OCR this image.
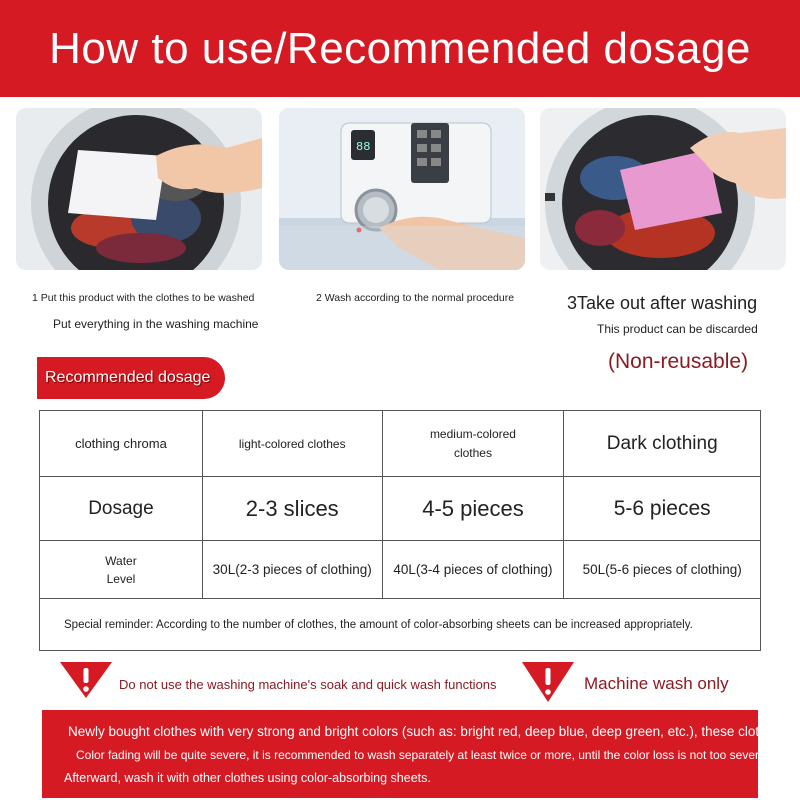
How to use/Recommended dosage
88
1 Put this product with the clothes to be washed
Put everything in the washing machine
2 Wash according to the normal procedure	3Take out after washing
This product can be discarded
(Non-reusable)
Recommended dosage
clothing chroma	light-colored clothes	medium-colored clothes	Dark clothing
Dosage	2-3 slices	4-5 pieces	5-6 pieces
Water Level	30L(2-3 pieces of clothing)	40L(3-4 pieces of clothing)	50L(5-6 pieces of clothing)
Special reminder: According to the number of clothes, the amount of color-absorbing sheets can be increased appropriately.			
Do not use the washing machine's soak and quick wash functions	Machine wash only
Newly bought clothes with very strong and bright colors (such as: bright red, deep blue, deep green, etc.), these clothes
Color fading will be quite severe, it is recommended to wash separately at least twice or more, until the color loss is not too severe.
Afterward, wash it with other clothes using color-absorbing sheets.
